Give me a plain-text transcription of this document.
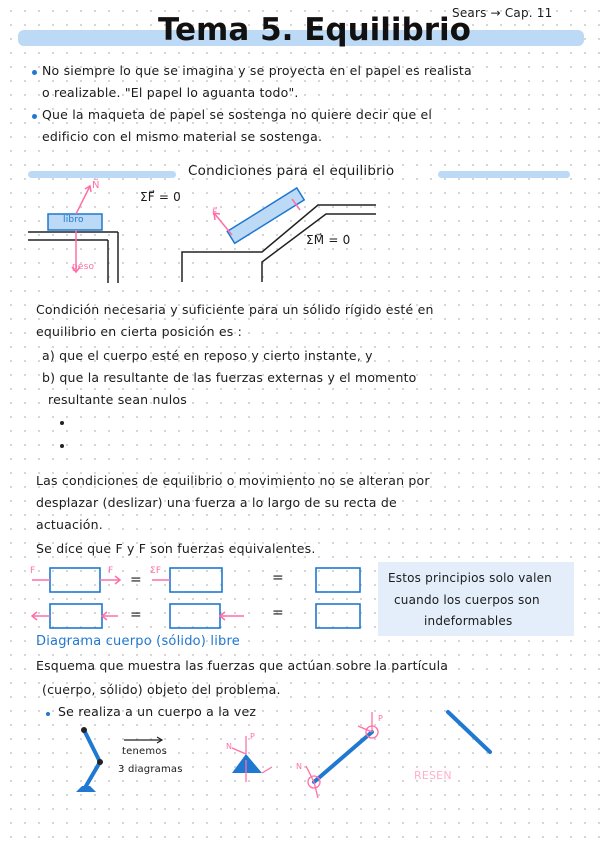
Sears → Cap. 11
Tema 5. Equilibrio
No siempre lo que se imagina y se proyecta en el papel es realista
o realizable. "El papel lo aguanta todo".
Que la maqueta de papel se sostenga no quiere decir que el
edificio con el mismo material se sostenga.
Condiciones para el equilibrio
libro
N⃗
peso
ΣF⃗ = 0
F⃗
ΣM⃗ = 0
Condición necesaria y suficiente para un sólido rígido esté en
equilibrio en cierta posición es :
a) que el cuerpo esté en reposo y cierto instante, y
b) que la resultante de las fuerzas externas y el momento
resultante sean nulos
Las condiciones de equilibrio o movimiento no se alteran por
desplazar (deslizar) una fuerza a lo largo de su recta de
actuación.
Se dice que F y F son fuerzas equivalentes.
F	F	ΣF
=	=
=	=
Estos principios solo valen
cuando los cuerpos son
indeformables
Diagrama cuerpo (sólido) libre
Esquema que muestra las fuerzas que actúan sobre la partícula
(cuerpo, sólido) objeto del problema.
Se realiza a un cuerpo a la vez
tenemos
3 diagramas
N
P
N
P
RESEN
